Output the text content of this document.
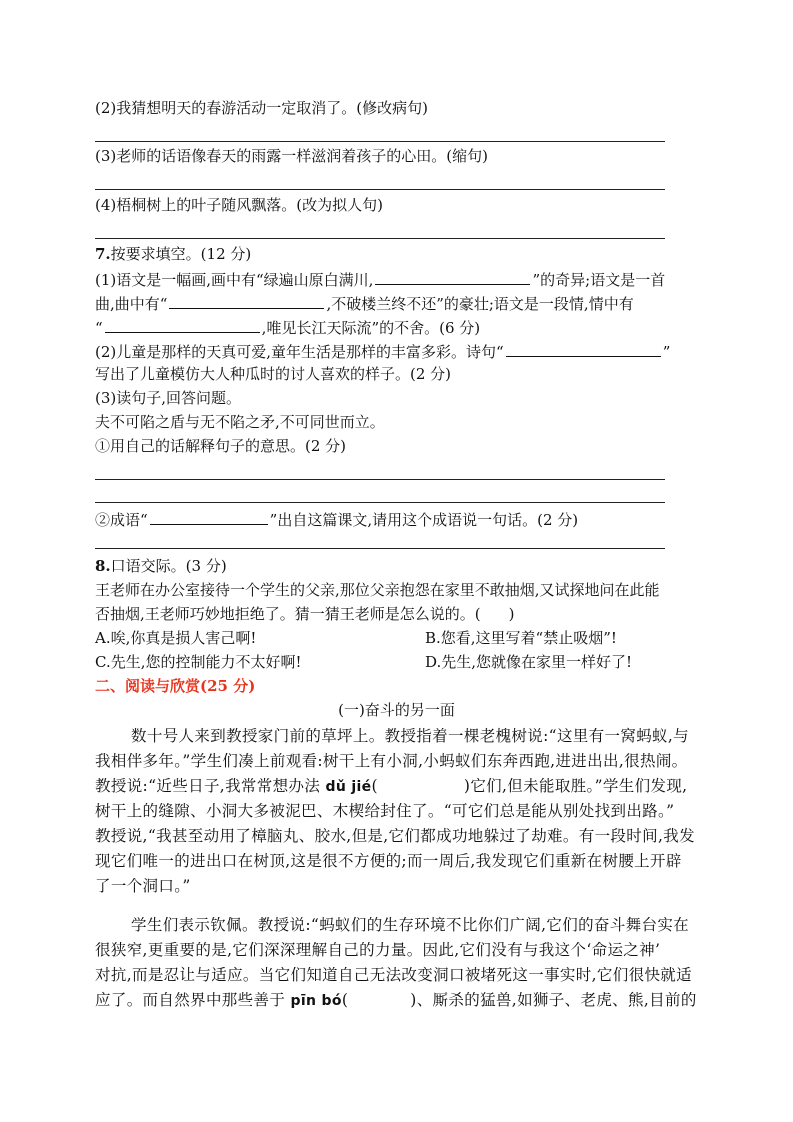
(2)我猜想明天的春游活动一定取消了。(修改病句)
(3)老师的话语像春天的雨露一样滋润着孩子的心田。(缩句)
(4)梧桐树上的叶子随风飘落。(改为拟人句)
7.按要求填空。(12 分)
(1)语文是一幅画,画中有“绿遍山原白满川,	”的奇异;语文是一首
曲,曲中有“	,不破楼兰终不还”的豪壮;语文是一段情,情中有
“	,唯见长江天际流”的不舍。(6 分)
(2)儿童是那样的天真可爱,童年生活是那样的丰富多彩。诗句“	”
写出了儿童模仿大人种瓜时的讨人喜欢的样子。(2 分)
(3)读句子,回答问题。
夫不可陷之盾与无不陷之矛,不可同世而立。
①用自己的话解释句子的意思。(2 分)
②成语“	”出自这篇课文,请用这个成语说一句话。(2 分)
8.口语交际。(3 分)
王老师在办公室接待一个学生的父亲,那位父亲抱怨在家里不敢抽烟,又试探地问在此能
否抽烟,王老师巧妙地拒绝了。猜一猜王老师是怎么说的。( )
A.唉,你真是损人害己啊!	B.您看,这里写着“禁止吸烟”!
C.先生,您的控制能力不太好啊!	D.先生,您就像在家里一样好了!
二、阅读与欣赏(25 分)
(一)奋斗的另一面
数十号人来到教授家门前的草坪上。教授指着一棵老槐树说:“这里有一窝蚂蚁,与
我相伴多年。”学生们凑上前观看:树干上有小洞,小蚂蚁们东奔西跑,进进出出,很热闹。
教授说:“近些日子,我常常想办法 dǔ jié(	)它们,但未能取胜。”学生们发现,
树干上的缝隙、小洞大多被泥巴、木楔给封住了。“可它们总是能从别处找到出路。”
教授说,“我甚至动用了樟脑丸、胶水,但是,它们都成功地躲过了劫难。有一段时间,我发
现它们唯一的进出口在树顶,这是很不方便的;而一周后,我发现它们重新在树腰上开辟
了一个洞口。”
学生们表示钦佩。教授说:“蚂蚁们的生存环境不比你们广阔,它们的奋斗舞台实在
很狭窄,更重要的是,它们深深理解自己的力量。因此,它们没有与我这个‘命运之神’
对抗,而是忍让与适应。当它们知道自己无法改变洞口被堵死这一事实时,它们很快就适
应了。而自然界中那些善于 pīn bó(	)、厮杀的猛兽,如狮子、老虎、熊,目前的
